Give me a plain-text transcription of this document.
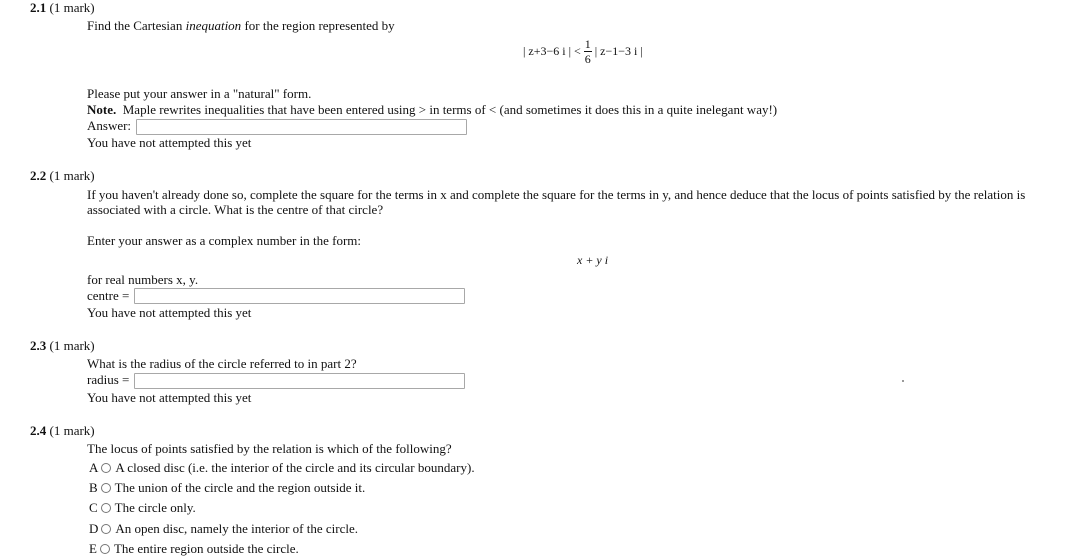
2.1 (1 mark)
Find the Cartesian inequation for the region represented by
| z+3−6 i | < $\frac{1}{6}$ | z−1−3 i |
Please put your answer in a "natural" form.
Note.  Maple rewrites inequalities that have been entered using > in terms of < (and sometimes it does this in a quite inelegant way!)
Answer:
You have not attempted this yet
2.2 (1 mark)
If you haven't already done so, complete the square for the terms in x and complete the square for the terms in y, and hence deduce that the locus of points satisfied by the relation is
associated with a circle. What is the centre of that circle?
Enter your answer as a complex number in the form:
x + y i
for real numbers x, y.
centre =
You have not attempted this yet
2.3 (1 mark)
What is the radius of the circle referred to in part 2?
radius =
You have not attempted this yet
2.4 (1 mark)
The locus of points satisfied by the relation is which of the following?
A A closed disc (i.e. the interior of the circle and its circular boundary).
B The union of the circle and the region outside it.
C The circle only.
D An open disc, namely the interior of the circle.
E The entire region outside the circle.
